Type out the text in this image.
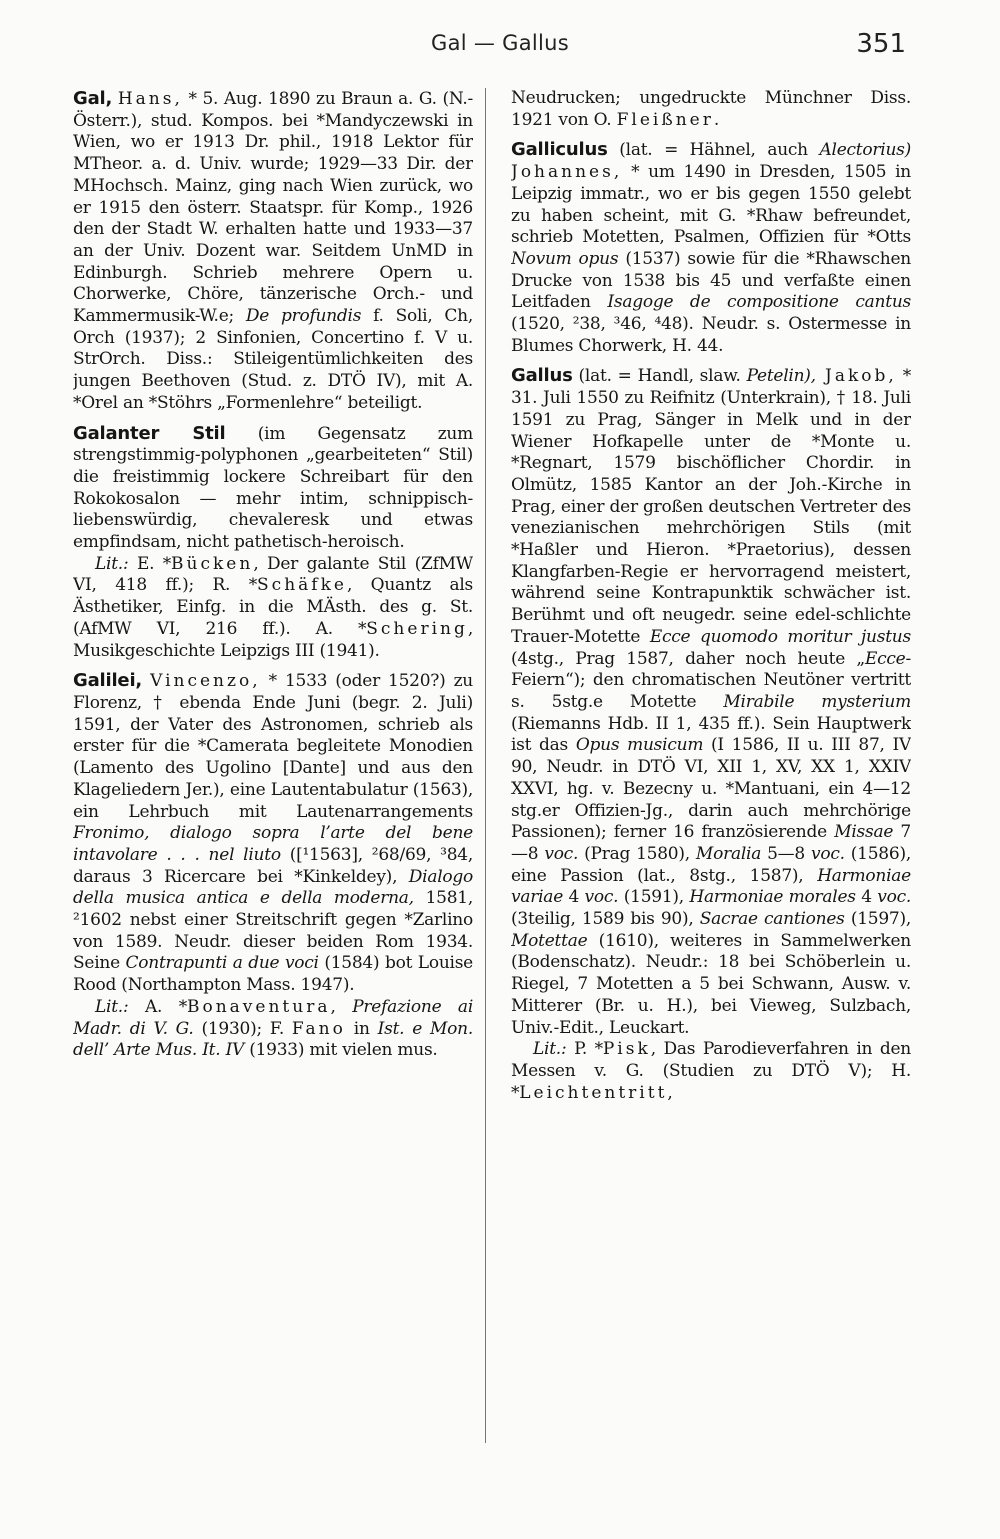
Gal — Gallus	351

Gal, Hans, * 5. Aug. 1890 zu Braun a. G. (N.-Österr.), stud. Kompos. bei *Mandyczewski in Wien, wo er 1913 Dr. phil., 1918 Lektor für MTheor. a. d. Univ. wurde; 1929—33 Dir. der MHochsch. Mainz, ging nach Wien zurück, wo er 1915 den österr. Staatspr. für Komp., 1926 den der Stadt W. erhalten hatte und 1933—37 an der Univ. Dozent war. Seitdem UnMD in Edinburgh. Schrieb mehrere Opern u. Chorwerke, Chöre, tänzerische Orch.- und Kammermusik-W.e; De profundis f. Soli, Ch, Orch (1937); 2 Sinfonien, Concertino f. V u. StrOrch. Diss.: Stileigentümlichkeiten des jungen Beethoven (Stud. z. DTÖ IV), mit A. *Orel an *Stöhrs „Formenlehre“ beteiligt.

Galanter Stil (im Gegensatz zum strengstimmig-polyphonen „gearbeiteten“ Stil) die freistimmig lockere Schreibart für den Rokokosalon — mehr intim, schnippisch-liebenswürdig, chevaleresk und etwas empfindsam, nicht pathetisch-heroisch.

Lit.: E. *Bücken, Der galante Stil (ZfMW VI, 418 ff.); R. *Schäfke, Quantz als Ästhetiker, Einfg. in die MÄsth. des g. St. (AfMW VI, 216 ff.). A. *Schering, Musikgeschichte Leipzigs III (1941).

Galilei, Vincenzo, * 1533 (oder 1520?) zu Florenz, † ebenda Ende Juni (begr. 2. Juli) 1591, der Vater des Astronomen, schrieb als erster für die *Camerata begleitete Monodien (Lamento des Ugolino [Dante] und aus den Klageliedern Jer.), eine Lautentabulatur (1563), ein Lehrbuch mit Lautenarrangements Fronimo, dialogo sopra l’arte del bene intavolare . . . nel liuto ([¹1563], ²68/69, ³84, daraus 3 Ricercare bei *Kinkeldey), Dialogo della musica antica e della moderna, 1581, ²1602 nebst einer Streitschrift gegen *Zarlino von 1589. Neudr. dieser beiden Rom 1934. Seine Contrapunti a due voci (1584) bot Louise Rood (Northampton Mass. 1947).

Lit.: A. *Bonaventura, Prefazione ai Madr. di V. G. (1930); F. Fano in Ist. e Mon. dell’ Arte Mus. It. IV (1933) mit vielen mus.

Neudrucken; ungedruckte Münchner Diss. 1921 von O. Fleißner.

Galliculus (lat. = Hähnel, auch Alectorius) Johannes, * um 1490 in Dresden, 1505 in Leipzig immatr., wo er bis gegen 1550 gelebt zu haben scheint, mit G. *Rhaw befreundet, schrieb Motetten, Psalmen, Offizien für *Otts Novum opus (1537) sowie für die *Rhawschen Drucke von 1538 bis 45 und verfaßte einen Leitfaden Isagoge de compositione cantus (1520, ²38, ³46, ⁴48). Neudr. s. Ostermesse in Blumes Chorwerk, H. 44.

Gallus (lat. = Handl, slaw. Petelin), Jakob, * 31. Juli 1550 zu Reifnitz (Unterkrain), † 18. Juli 1591 zu Prag, Sänger in Melk und in der Wiener Hofkapelle unter de *Monte u. *Regnart, 1579 bischöflicher Chordir. in Olmütz, 1585 Kantor an der Joh.-Kirche in Prag, einer der großen deutschen Vertreter des venezianischen mehrchörigen Stils (mit *Haßler und Hieron. *Praetorius), dessen Klangfarben-Regie er hervorragend meistert, während seine Kontrapunktik schwächer ist. Berühmt und oft neugedr. seine edel-schlichte Trauer-Motette Ecce quomodo moritur justus (4stg., Prag 1587, daher noch heute „Ecce-Feiern“); den chromatischen Neutöner vertritt s. 5stg.e Motette Mirabile mysterium (Riemanns Hdb. II 1, 435 ff.). Sein Hauptwerk ist das Opus musicum (I 1586, II u. III 87, IV 90, Neudr. in DTÖ VI, XII 1, XV, XX 1, XXIV XXVI, hg. v. Bezecny u. *Mantuani, ein 4—12 stg.er Offizien-Jg., darin auch mehrchörige Passionen); ferner 16 französierende Missae 7—8 voc. (Prag 1580), Moralia 5—8 voc. (1586), eine Passion (lat., 8stg., 1587), Harmoniae variae 4 voc. (1591), Harmoniae morales 4 voc. (3teilig, 1589 bis 90), Sacrae cantiones (1597), Motettae (1610), weiteres in Sammelwerken (Bodenschatz). Neudr.: 18 bei Schöberlein u. Riegel, 7 Motetten a 5 bei Schwann, Ausw. v. Mitterer (Br. u. H.), bei Vieweg, Sulzbach, Univ.-Edit., Leuckart.

Lit.: P. *Pisk, Das Parodieverfahren in den Messen v. G. (Studien zu DTÖ V); H. *Leichtentritt,
